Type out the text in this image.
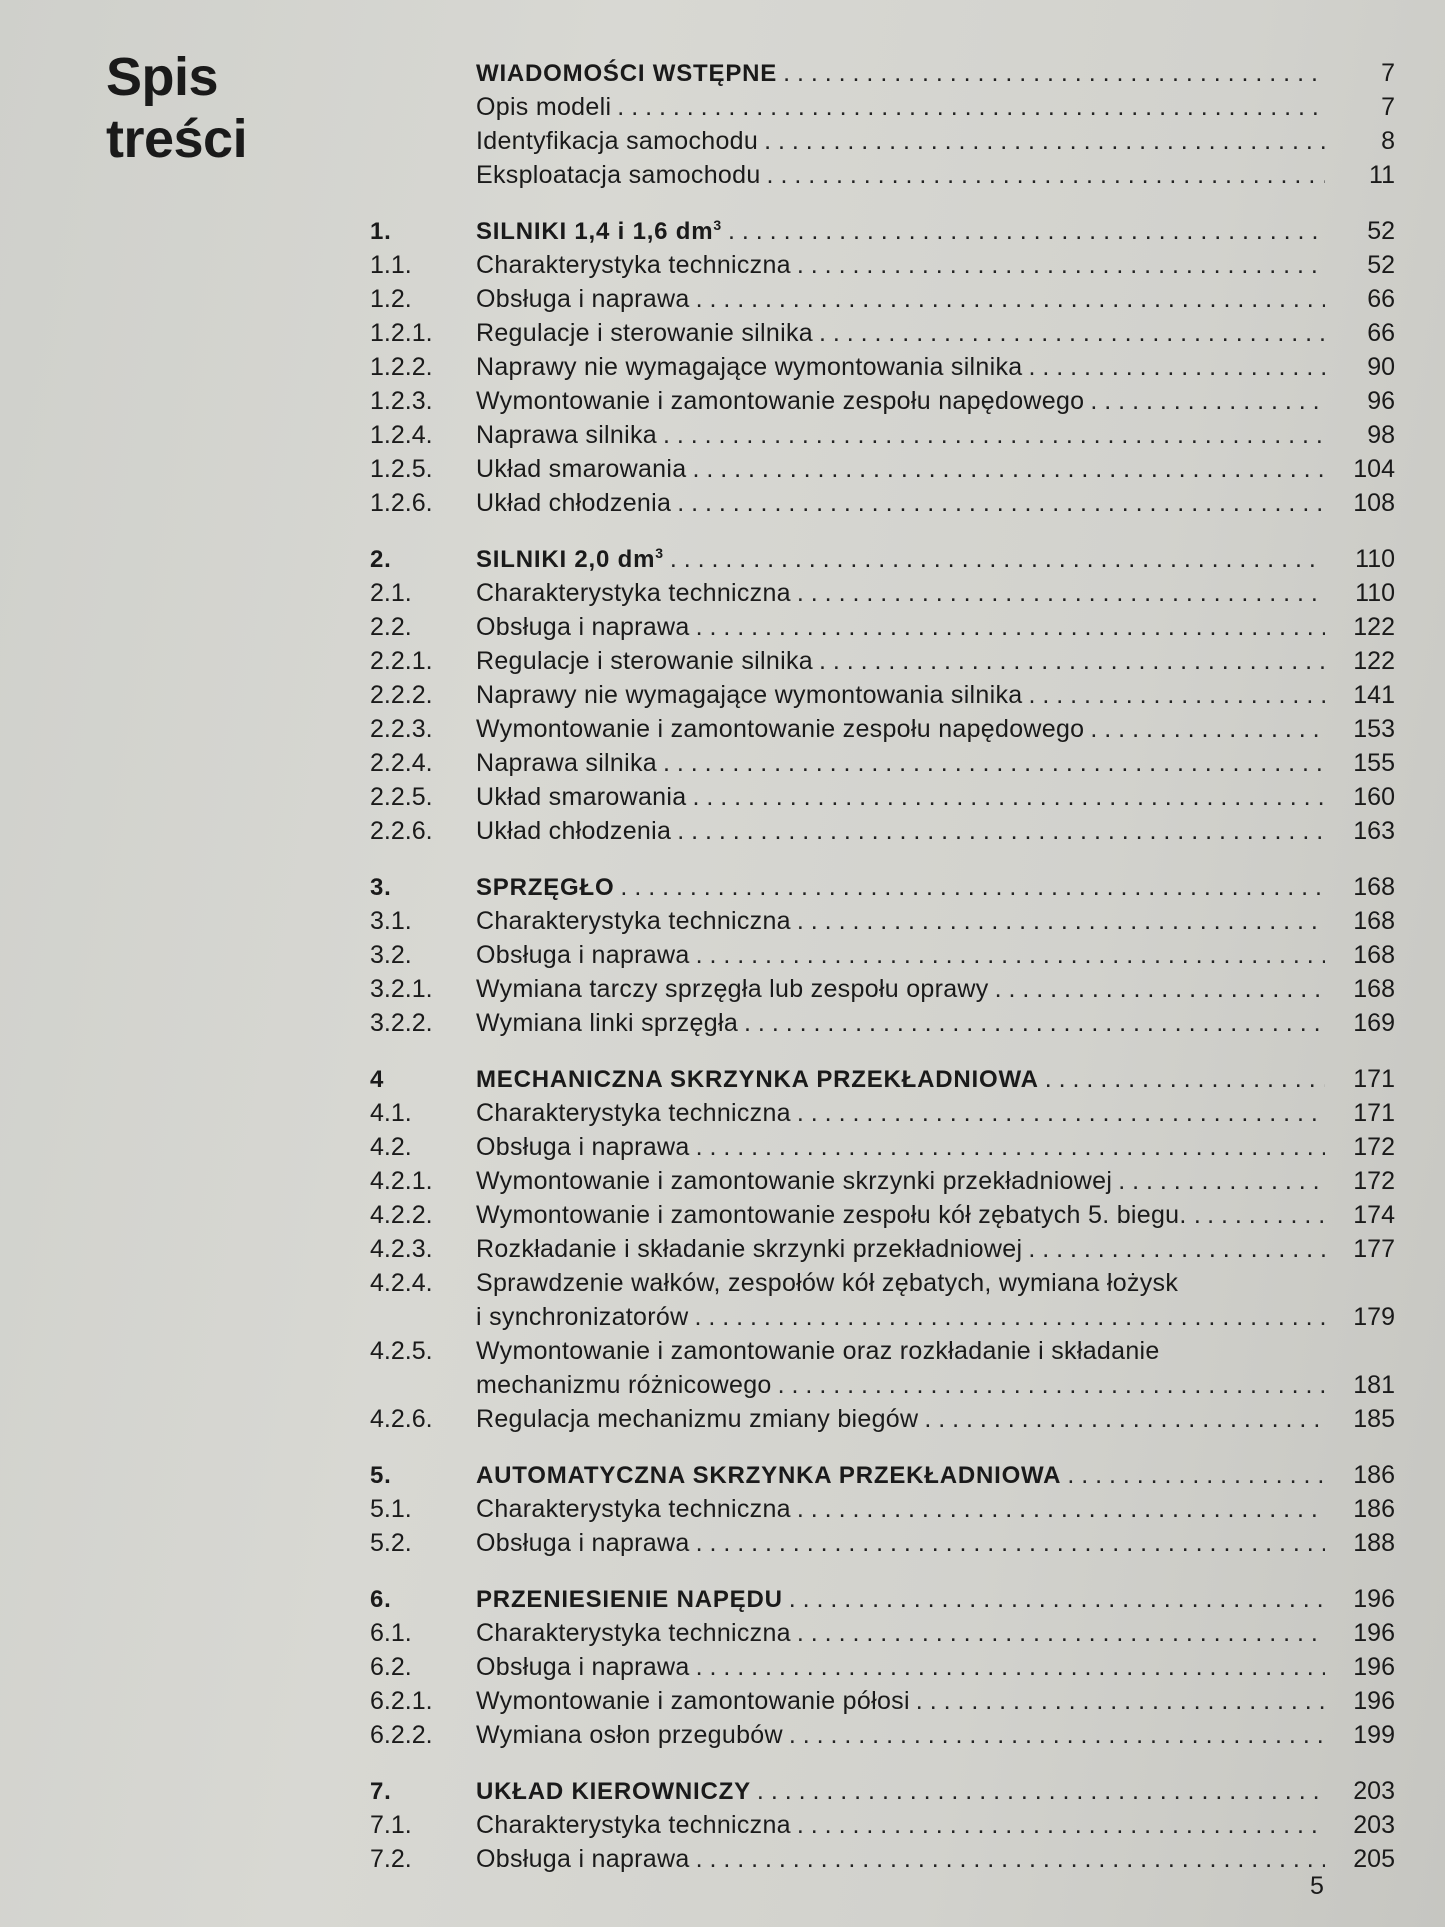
Spis
treści
WIADOMOŚCI WSTĘPNE . . .	7
Opis modeli . . .	7
Identyfikacja samochodu . . .	8
Eksploatacja samochodu . . .	11
1.	SILNIKI 1,4 i 1,6 $dm^3$ . . .	52
1.1.	Charakterystyka techniczna . . .	52
1.2.	Obsługa i naprawa . . .	66
1.2.1.	Regulacje i sterowanie silnika . . .	66
1.2.2.	Naprawy nie wymagające wymontowania silnika . . .	90
1.2.3.	Wymontowanie i zamontowanie zespołu napędowego . . .	96
1.2.4.	Naprawa silnika . . .	98
1.2.5.	Układ smarowania . . .	104
1.2.6.	Układ chłodzenia . . .	108
2.	SILNIKI 2,0 $dm^3$ . . .	110
2.1.	Charakterystyka techniczna . . .	110
2.2.	Obsługa i naprawa . . .	122
2.2.1.	Regulacje i sterowanie silnika . . .	122
2.2.2.	Naprawy nie wymagające wymontowania silnika . . .	141
2.2.3.	Wymontowanie i zamontowanie zespołu napędowego . . .	153
2.2.4.	Naprawa silnika . . .	155
2.2.5.	Układ smarowania . . .	160
2.2.6.	Układ chłodzenia . . .	163
3.	SPRZĘGŁO . . .	168
3.1.	Charakterystyka techniczna . . .	168
3.2.	Obsługa i naprawa . . .	168
3.2.1.	Wymiana tarczy sprzęgła lub zespołu oprawy . . .	168
3.2.2.	Wymiana linki sprzęgła . . .	169
4	MECHANICZNA SKRZYNKA PRZEKŁADNIOWA . . .	171
4.1.	Charakterystyka techniczna . . .	171
4.2.	Obsługa i naprawa . . .	172
4.2.1.	Wymontowanie i zamontowanie skrzynki przekładniowej . . .	172
4.2.2.	Wymontowanie i zamontowanie zespołu kół zębatych 5. biegu. . . . .	174
4.2.3.	Rozkładanie i składanie skrzynki przekładniowej . . .	177
4.2.4.	Sprawdzenie wałków, zespołów kół zębatych, wymiana łożysk
i synchronizatorów . . .	179
4.2.5.	Wymontowanie i zamontowanie oraz rozkładanie i składanie
mechanizmu różnicowego . . .	181
4.2.6.	Regulacja mechanizmu zmiany biegów . . .	185
5.	AUTOMATYCZNA SKRZYNKA PRZEKŁADNIOWA . . .	186
5.1.	Charakterystyka techniczna . . .	186
5.2.	Obsługa i naprawa . . .	188
6.	PRZENIESIENIE NAPĘDU . . .	196
6.1.	Charakterystyka techniczna . . .	196
6.2.	Obsługa i naprawa . . .	196
6.2.1.	Wymontowanie i zamontowanie półosi . . .	196
6.2.2.	Wymiana osłon przegubów . . .	199
7.	UKŁAD KIEROWNICZY . . .	203
7.1.	Charakterystyka techniczna . . .	203
7.2.	Obsługa i naprawa . . .	205
5
